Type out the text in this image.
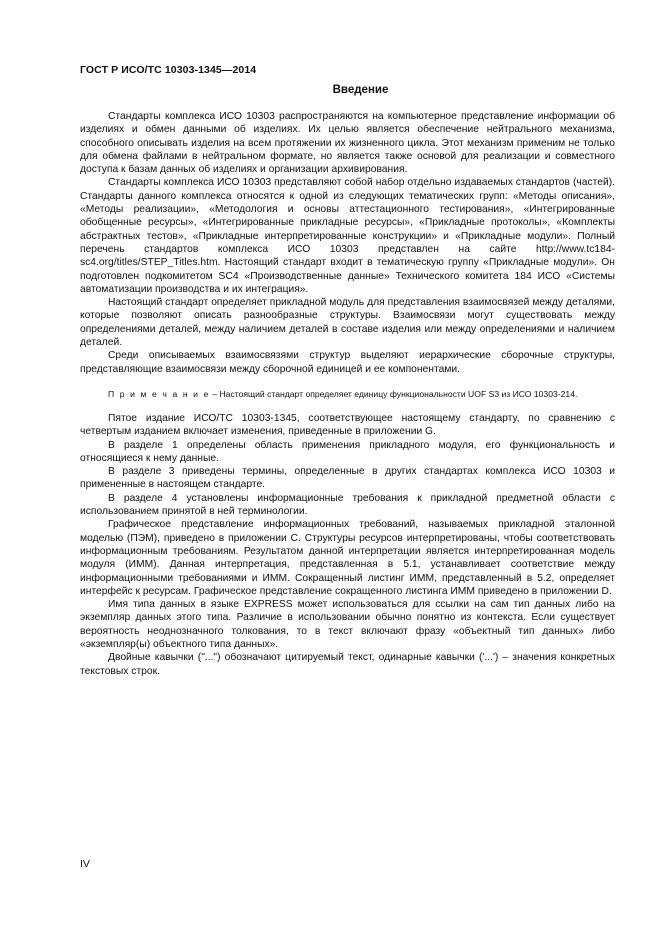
ГОСТ Р ИСО/ТС 10303-1345—2014
Введение

Стандарты комплекса ИСО 10303 распространяются на компьютерное представление информации об изделиях и обмен данными об изделиях. Их целью является обеспечение нейтрального механизма, способного описывать изделия на всем протяжении их жизненного цикла. Этот механизм применим не только для обмена файлами в нейтральном формате, но является также основой для реализации и совместного доступа к базам данных об изделиях и организации архивирования.

Стандарты комплекса ИСО 10303 представляют собой набор отдельно издаваемых стандартов (частей). Стандарты данного комплекса относятся к одной из следующих тематических групп: «Методы описания», «Методы реализации», «Методология и основы аттестационного тестирования», «Интегрированные обобщенные ресурсы», «Интегрированные прикладные ресурсы», «Прикладные протоколы», «Комплекты абстрактных тестов», «Прикладные интерпретированные конструкции» и «Прикладные модули». Полный перечень стандартов комплекса ИСО 10303 представлен на сайте http://www.tc184-sc4.org/titles/STEP_Titles.htm. Настоящий стандарт входит в тематическую группу «Прикладные модули». Он подготовлен подкомитетом SC4 «Производственные данные» Технического комитета 184 ИСО «Системы автоматизации производства и их интеграция».

Настоящий стандарт определяет прикладной модуль для представления взаимосвязей между деталями, которые позволяют описать разнообразные структуры. Взаимосвязи могут существовать между определениями деталей, между наличием деталей в составе изделия или между определениями и наличием деталей.

Среди описываемых взаимосвязями структур выделяют иерархические сборочные структуры, представляющие взаимосвязи между сборочной единицей и ее компонентами.

П р и м е ч а н и е – Настоящий стандарт определяет единицу функциональности UOF S3 из ИСО 10303-214.

Пятое издание ИСО/ТС 10303-1345, соответствующее настоящему стандарту, по сравнению с четвертым изданием включает изменения, приведенные в приложении G.

В разделе 1 определены область применения прикладного модуля, его функциональность и относящиеся к нему данные.

В разделе 3 приведены термины, определенные в других стандартах комплекса ИСО 10303 и примененные в настоящем стандарте.

В разделе 4 установлены информационные требования к прикладной предметной области с использованием принятой в ней терминологии.

Графическое представление информационных требований, называемых прикладной эталонной моделью (ПЭМ), приведено в приложении C. Структуры ресурсов интерпретированы, чтобы соответствовать информационным требованиям. Результатом данной интерпретации является интерпретированная модель модуля (ИММ). Данная интерпретация, представленная в 5.1, устанавливает соответствие между информационными требованиями и ИММ. Сокращенный листинг ИММ, представленный в 5.2, определяет интерфейс к ресурсам. Графическое представление сокращенного листинга ИММ приведено в приложении D.

Имя типа данных в языке EXPRESS может использоваться для ссылки на сам тип данных либо на экземпляр данных этого типа. Различие в использовании обычно понятно из контекста. Если существует вероятность неоднозначного толкования, то в текст включают фразу «объектный тип данных» либо «экземпляр(ы) объектного типа данных».

Двойные кавычки ("...") обозначают цитируемый текст, одинарные кавычки ('...') – значения конкретных текстовых строк.

IV
